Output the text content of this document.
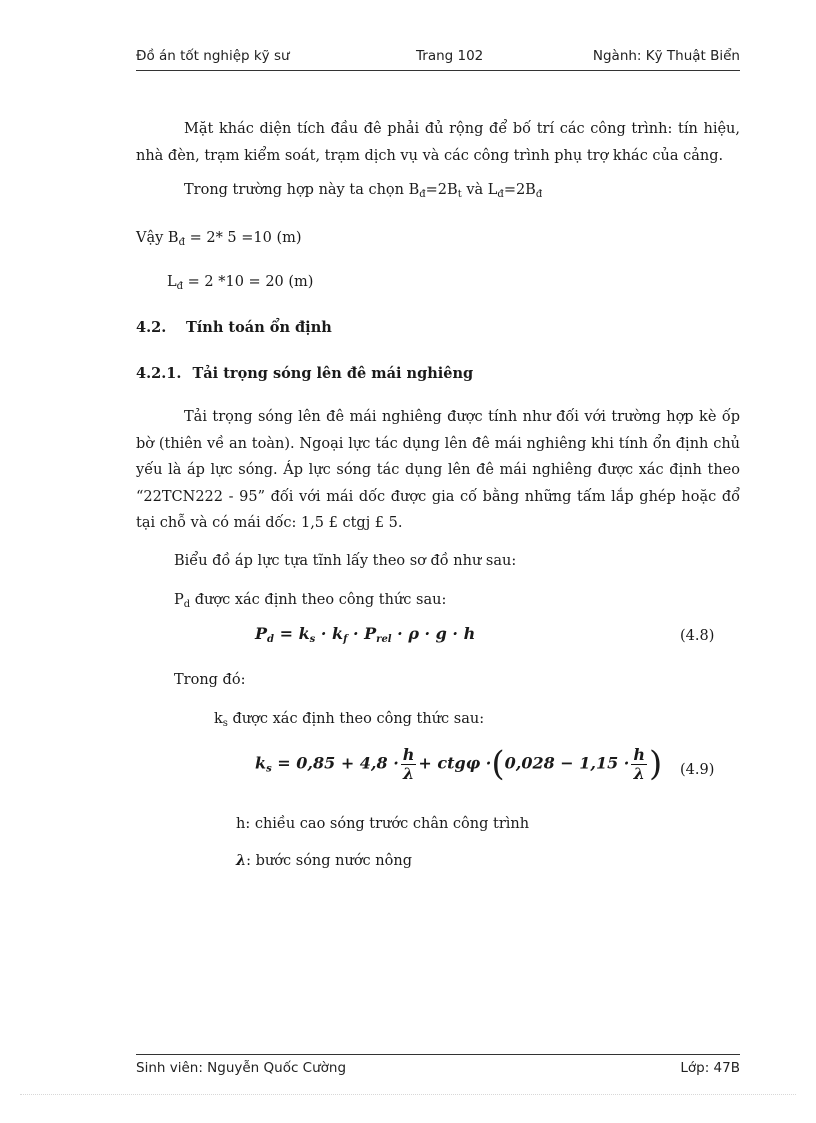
Đồ án tốt nghiệp kỹ sư	Trang 102	Ngành: Kỹ Thuật Biển
Mặt khác diện tích đầu đê phải đủ rộng để bố trí các công trình: tín hiệu, nhà đèn, trạm kiểm soát, trạm dịch vụ và các công trình phụ trợ khác của cảng.
Trong trường hợp này ta chọn $B_đ=2B_t$ và $L_đ=2B_đ$
Vậy $B_đ = 2*$ 5 =10 (m)
$L_đ = 2$ *10 = 20 (m)
4.2. Tính toán ổn định
4.2.1. Tải trọng sóng lên đê mái nghiêng
Tải trọng sóng lên đê mái nghiêng được tính như đối với trường hợp kè ốp bờ (thiên về an toàn). Ngoại lực tác dụng lên đê mái nghiêng khi tính ổn định chủ yếu là áp lực sóng. Áp lực sóng tác dụng lên đê mái nghiêng được xác định theo “22TCN222 - 95” đối với mái dốc được gia cố bằng những tấm lắp ghép hoặc đổ tại chỗ và có mái dốc: 1,5 £ ctgj £ 5.
Biểu đồ áp lực tựa tĩnh lấy theo sơ đồ như sau:
$P_d$ được xác định theo công thức sau:
$P_d = k_s \cdot k_f \cdot P_{rel} \cdot \rho \cdot g \cdot h$	(4.8)
Trong đó:
$k_s$ được xác định theo công thức sau:
$k_s = 0,85 + 4,8 \cdot \frac{h}{\lambda} + ctg\varphi \cdot(0,028 - 1,15 \cdot \frac{h}{\lambda}$ ) (4.9)
h: chiều cao sóng trước chân công trình
λ: bước sóng nước nông
Sinh viên: Nguyễn Quốc Cường	Lớp: 47B
